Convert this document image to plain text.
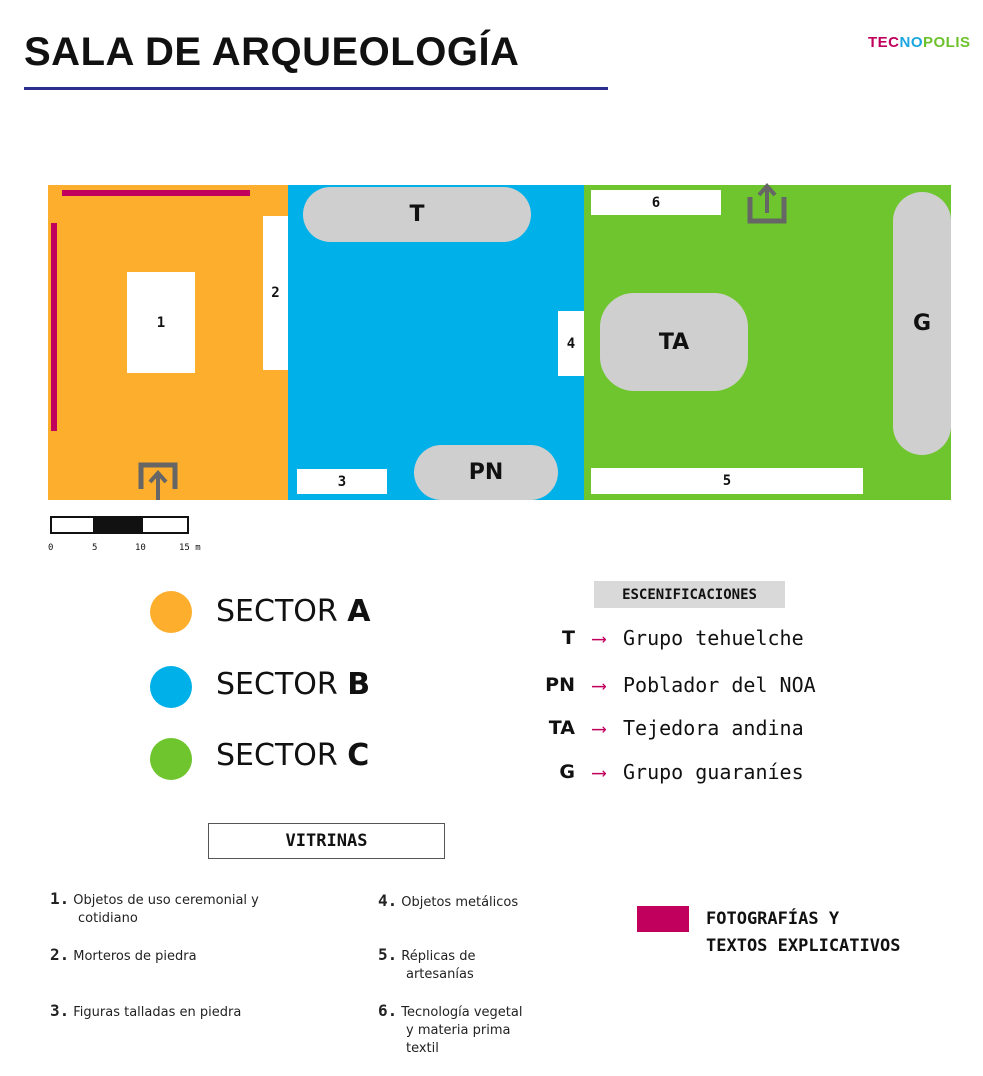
SALA DE ARQUEOLOGÍA	TECNOPOLIS
1
2
3
4
5
6
T
PN
TA
G
0	5	10	15 m
SECTOR A
SECTOR B
SECTOR C
ESCENIFICACIONES
T ⟶ Grupo tehuelche
PN ⟶ Poblador del NOA
TA ⟶ Tejedora andina
G ⟶ Grupo guaraníes
VITRINAS
1. Objetos de uso ceremonial y
cotidiano
2. Morteros de piedra
3. Figuras talladas en piedra
4. Objetos metálicos
5. Réplicas de
artesanías
6. Tecnología vegetal
y materia prima
textil
FOTOGRAFÍAS Y
TEXTOS EXPLICATIVOS
